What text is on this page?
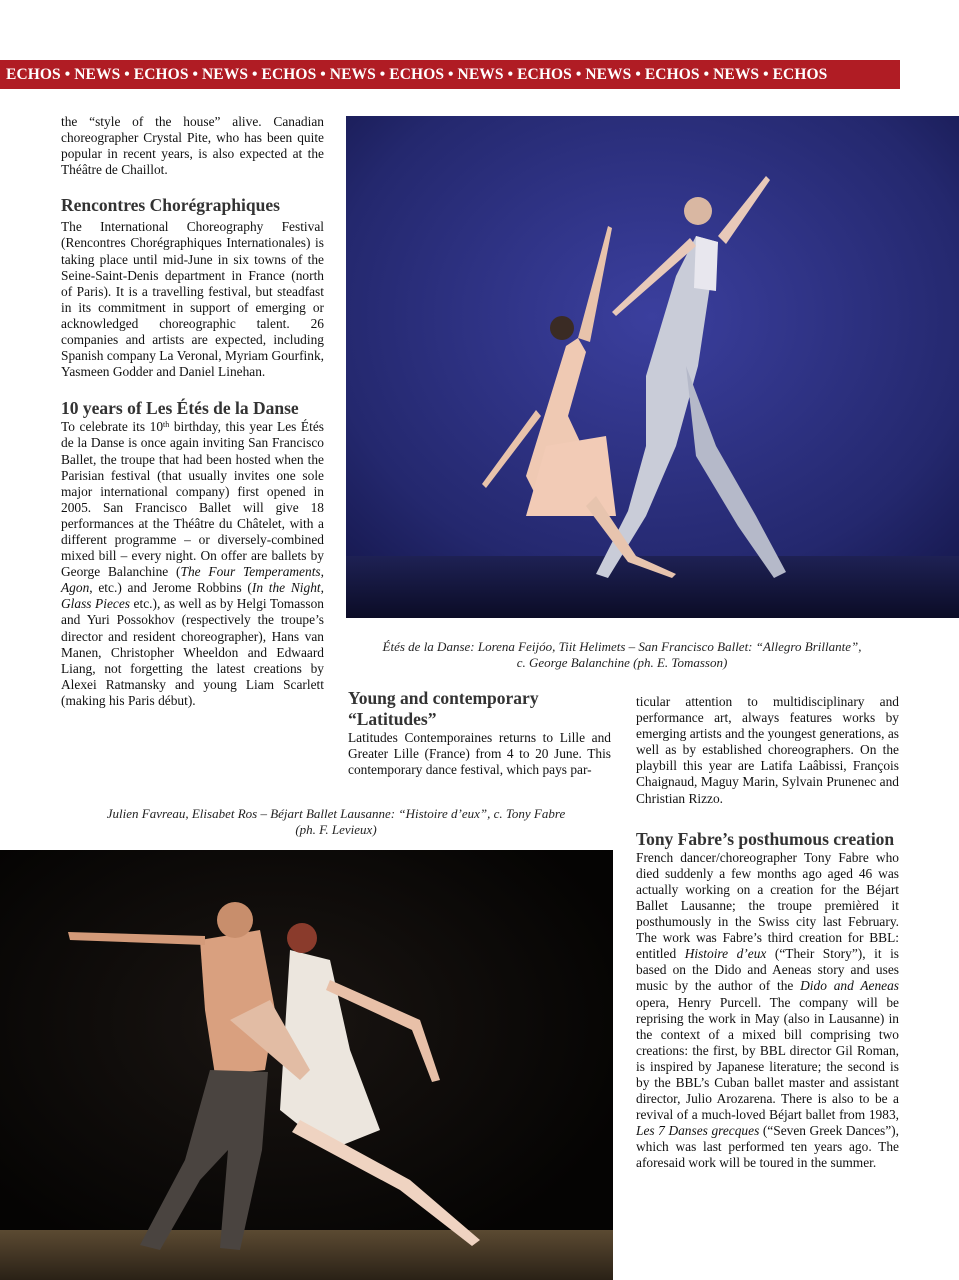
ECHOS • NEWS • ECHOS • NEWS • ECHOS • NEWS • ECHOS • NEWS • ECHOS • NEWS • ECHOS • NEWS • ECHOS

the “style of the house” alive. Canadian choreographer Crystal Pite, who has been quite popular in recent years, is also expected at the Théâtre de Chaillot.

Rencontres Chorégraphiques

The International Choreography Festival (Rencontres Chorégraphiques Internationales) is taking place until mid-June in six towns of the Seine-Saint-Denis department in France (north of Paris). It is a travelling festival, but steadfast in its commitment in support of emerging or acknowledged choreographic talent. 26 companies and artists are expected, including Spanish company La Veronal, Myriam Gourfink, Yasmeen Godder and Daniel Linehan.

10 years of Les Étés de la Danse

To celebrate its 10th birthday, this year Les Étés de la Danse is once again inviting San Francisco Ballet, the troupe that had been hosted when the Parisian festival (that usually invites one sole major international company) first opened in 2005. San Francisco Ballet will give 18 performances at the Théâtre du Châtelet, with a different programme – or diversely-combined mixed bill – every night. On offer are ballets by George Balanchine (The Four Temperaments, Agon, etc.) and Jerome Robbins (In the Night, Glass Pieces etc.), as well as by Helgi Tomasson and Yuri Possokhov (respectively the troupe’s director and resident choreographer), Hans van Manen, Christopher Wheeldon and Edwaard Liang, not forgetting the latest creations by Alexei Ratmansky and young Liam Scarlett (making his Paris début).

Étés de la Danse: Lorena Feijóo, Tiit Helimets – San Francisco Ballet: “Allegro Brillante”,
c. George Balanchine (ph. E. Tomasson)
Young and contemporary “Latitudes”

Latitudes Contemporaines returns to Lille and Greater Lille (France) from 4 to 20 June. This contemporary dance festival, which pays par-

ticular attention to multidisciplinary and performance art, always features works by emerging artists and the youngest generations, as well as by established choreographers. On the playbill this year are Latifa Laâbissi, François Chaignaud, Maguy Marin, Sylvain Prunenec and Christian Rizzo.

Tony Fabre’s posthumous creation

French dancer/choreographer Tony Fabre who died suddenly a few months ago aged 46 was actually working on a creation for the Béjart Ballet Lausanne; the troupe premièred it posthumously in the Swiss city last February. The work was Fabre’s third creation for BBL: entitled Histoire d’eux (“Their Story”), it is based on the Dido and Aeneas story and uses music by the author of the Dido and Aeneas opera, Henry Purcell. The company will be reprising the work in May (also in Lausanne) in the context of a mixed bill comprising two creations: the first, by BBL director Gil Roman, is inspired by Japanese literature; the second is by the BBL’s Cuban ballet master and assistant director, Julio Arozarena. There is also to be a revival of a much-loved Béjart ballet from 1983, Les 7 Danses grecques (“Seven Greek Dances”), which was last performed ten years ago. The aforesaid work will be toured in the summer.

Julien Favreau, Elisabet Ros – Béjart Ballet Lausanne: “Histoire d’eux”, c. Tony Fabre
(ph. F. Levieux)
